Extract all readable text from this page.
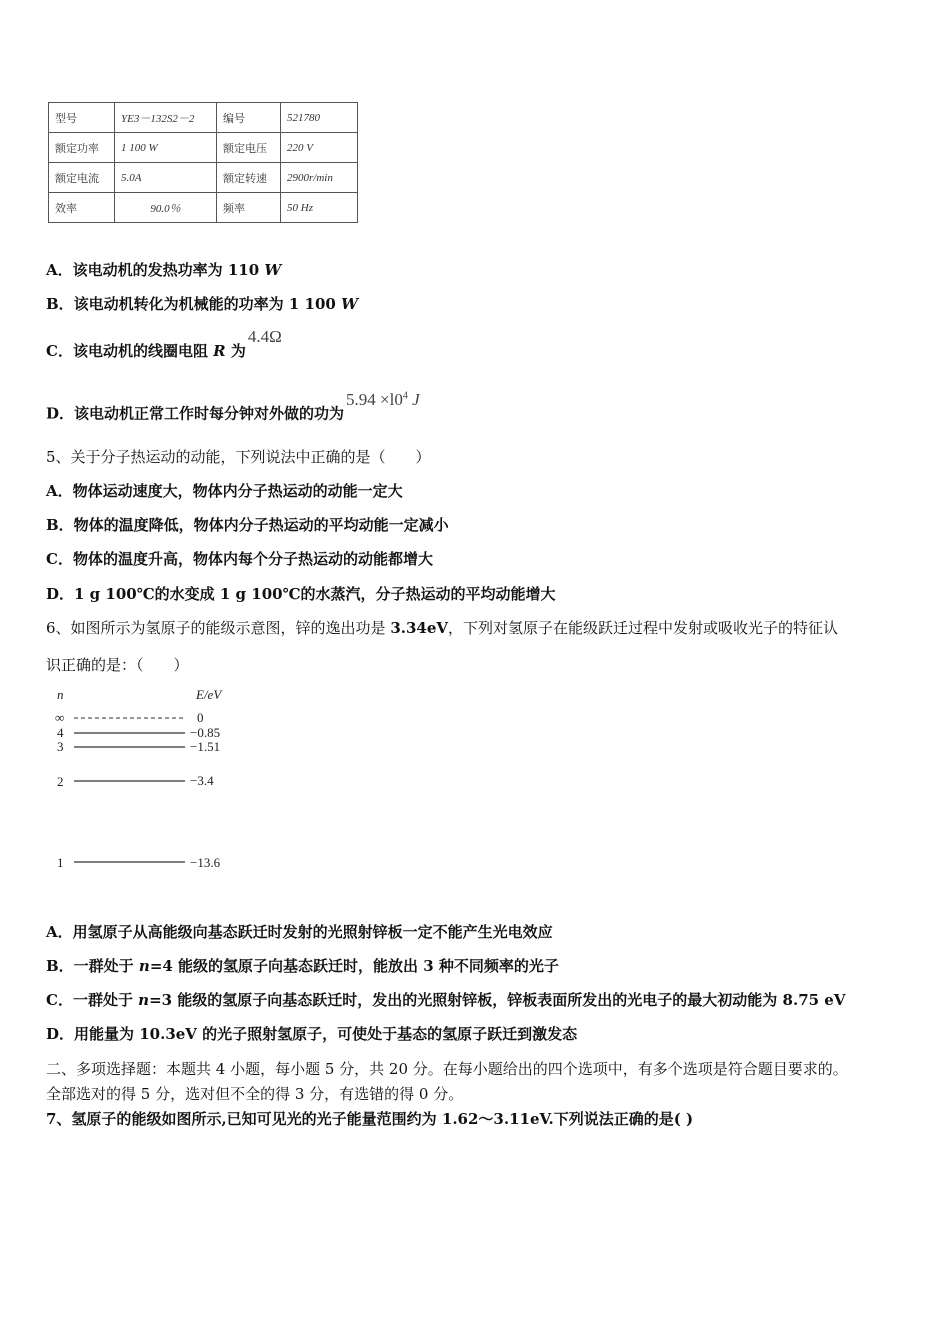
型号	YE3－132S2－2	编号	521780
额定功率	1 100 W	额定电压	220 V
额定电流	5.0A	额定转速	2900r/min
效率	90.0％	频率	50 Hz
A．该电动机的发热功率为 110 W
B．该电动机转化为机械能的功率为 1 100 W
C．该电动机的线圈电阻 R 为4.4Ω
D．该电动机正常工作时每分钟对外做的功为$5.94 \times l0^4$ J
5、关于分子热运动的动能，下列说法中正确的是（　　）
A．物体运动速度大，物体内分子热运动的动能一定大
B．物体的温度降低，物体内分子热运动的平均动能一定减小
C．物体的温度升高，物体内每个分子热运动的动能都增大
D．1 g 100℃的水变成 1 g 100℃的水蒸汽，分子热运动的平均动能增大
6、如图所示为氢原子的能级示意图，锌的逸出功是 3.34eV，下列对氢原子在能级跃迁过程中发射或吸收光子的特征认
识正确的是：（　　）
n	E/eV
∞	0
4	−0.85
3	−1.51
2	−3.4
1	−13.6
A．用氢原子从高能级向基态跃迁时发射的光照射锌板一定不能产生光电效应
B．一群处于 n=4 能级的氢原子向基态跃迁时，能放出 3 种不同频率的光子
C．一群处于 n=3 能级的氢原子向基态跃迁时，发出的光照射锌板，锌板表面所发出的光电子的最大初动能为 8.75 eV
D．用能量为 10.3eV 的光子照射氢原子，可使处于基态的氢原子跃迁到激发态
二、多项选择题：本题共 4 小题，每小题 5 分，共 20 分。在每小题给出的四个选项中，有多个选项是符合题目要求的。
全部选对的得 5 分，选对但不全的得 3 分，有选错的得 0 分。
7、氢原子的能级如图所示,已知可见光的光子能量范围约为 1.62～3.11eV.下列说法正确的是( )
